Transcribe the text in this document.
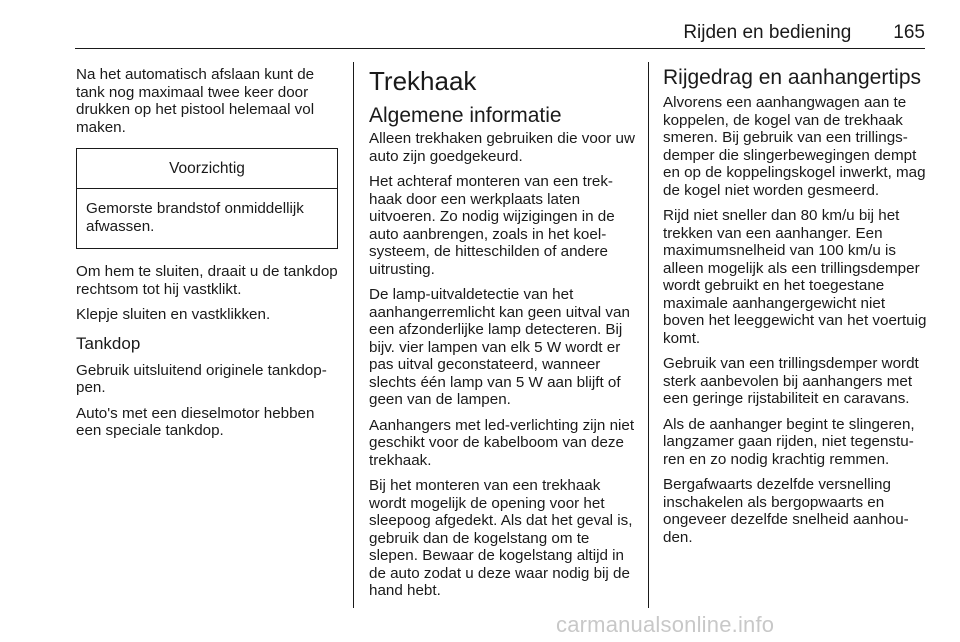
Rijden en bediening 165

Na het automatisch afslaan kunt de tank nog maximaal twee keer door drukken op het pistool helemaal vol maken.

Voorzichtig
Gemorste brandstof onmiddellijk afwassen.

Om hem te sluiten, draait u de tankdop rechtsom tot hij vastklikt.

Klepje sluiten en vastklikken.

Tankdop

Gebruik uitsluitend originele tankdoppen.

Auto's met een dieselmotor hebben een speciale tankdop.

Trekhaak
Algemene informatie

Alleen trekhaken gebruiken die voor uw auto zijn goedgekeurd.

Het achteraf monteren van een trekhaak door een werkplaats laten uitvoeren. Zo nodig wijzigingen in de auto aanbrengen, zoals in het koelsysteem, de hitteschilden of andere uitrusting.

De lamp-uitvaldetectie van het aanhangerremlicht kan geen uitval van een afzonderlijke lamp detecteren. Bij bijv. vier lampen van elk 5 W wordt er pas uitval geconstateerd, wanneer slechts één lamp van 5 W aan blijft of geen van de lampen.

Aanhangers met led-verlichting zijn niet geschikt voor de kabelboom van deze trekhaak.

Bij het monteren van een trekhaak wordt mogelijk de opening voor het sleepoog afgedekt. Als dat het geval is, gebruik dan de kogelstang om te slepen. Bewaar de kogelstang altijd in de auto zodat u deze waar nodig bij de hand hebt.

Rijgedrag en aanhangertips

Alvorens een aanhangwagen aan te koppelen, de kogel van de trekhaak smeren. Bij gebruik van een trillingsdemper die slingerbewegingen dempt en op de koppelingskogel inwerkt, mag de kogel niet worden gesmeerd.

Rijd niet sneller dan 80 km/u bij het trekken van een aanhanger. Een maximumsnelheid van 100 km/u is alleen mogelijk als een trillingsdemper wordt gebruikt en het toegestane maximale aanhangergewicht niet boven het leeggewicht van het voertuig komt.

Gebruik van een trillingsdemper wordt sterk aanbevolen bij aanhangers met een geringe rijstabiliteit en caravans.

Als de aanhanger begint te slingeren, langzamer gaan rijden, niet tegensturen en zo nodig krachtig remmen.

Bergafwaarts dezelfde versnelling inschakelen als bergopwaarts en ongeveer dezelfde snelheid aanhouden.

carmanualsonline.info
